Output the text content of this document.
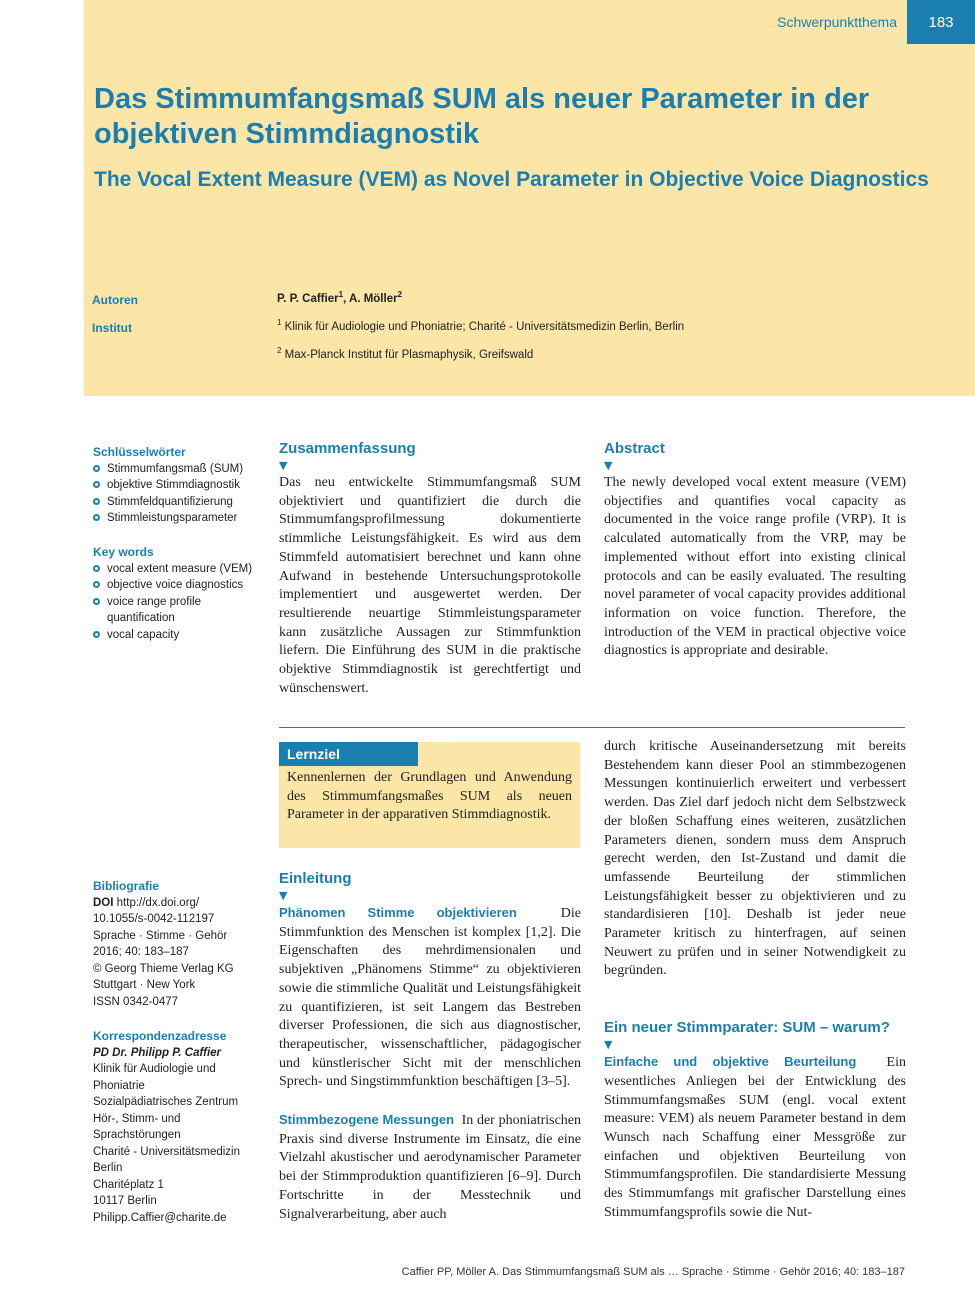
Schwerpunktthema	183
Das Stimmumfangsmaß SUM als neuer Parameter in der objektiven Stimmdiagnostik
The Vocal Extent Measure (VEM) as Novel Parameter in Objective Voice Diagnostics
Autoren	P. P. Caffier$^1$, A. Möller$^2$
Institut	$^1$ Klinik für Audiologie und Phoniatrie; Charité - Universitätsmedizin Berlin, Berlin
$^2$ Max-Planck Institut für Plasmaphysik, Greifswald
Schlüsselwörter
Stimmumfangsmaß (SUM)
objektive Stimmdiagnostik
Stimmfeldquantifizierung
Stimmleistungsparameter
Key words
vocal extent measure (VEM)
objective voice diagnostics
voice range profile quantification
vocal capacity
Bibliografie

DOI http://dx.doi.org/ 10.1055/s-0042-112197

Sprache · Stimme · Gehör

2016; 40: 183–187

© Georg Thieme Verlag KG

Stuttgart · New York

ISSN 0342-0477

Korrespondenzadresse

PD Dr. Philipp P. Caffier

Klinik für Audiologie und Phoniatrie

Sozialpädiatrisches Zentrum Hör-, Stimm- und Sprachstörungen

Charité - Universitätsmedizin Berlin

Charitéplatz 1

10117 Berlin

Philipp.Caffier@charite.de

Zusammenfassung
▼

Das neu entwickelte Stimmumfangsmaß SUM objektiviert und quantifiziert die durch die Stimmumfangsprofilmessung dokumentierte stimmliche Leistungsfähigkeit. Es wird aus dem Stimmfeld automatisiert berechnet und kann ohne Aufwand in bestehende Untersuchungsprotokolle implementiert und ausgewertet werden. Der resultierende neuartige Stimmleistungsparameter kann zusätzliche Aussagen zur Stimmfunktion liefern. Die Einführung des SUM in die praktische objektive Stimmdiagnostik ist gerechtfertigt und wünschenswert.

Abstract
▼

The newly developed vocal extent measure (VEM) objectifies and quantifies vocal capacity as documented in the voice range profile (VRP). It is calculated automatically from the VRP, may be implemented without effort into existing clinical protocols and can be easily evaluated. The resulting novel parameter of vocal capacity provides additional information on voice function. Therefore, the introduction of the VEM in practical objective voice diagnostics is appropriate and desirable.

Lernziel

Kennenlernen der Grundlagen und Anwendung des Stimmumfangsmaßes SUM als neuen Parameter in der apparativen Stimmdiagnostik.

Einleitung
▼

Phänomen Stimme objektivieren	Die Stimmfunktion des Menschen ist komplex [1,2]. Die Eigenschaften des mehrdimensionalen und subjektiven „Phänomens Stimme“ zu objektivieren sowie die stimmliche Qualität und Leistungsfähigkeit zu quantifizieren, ist seit Langem das Bestreben diverser Professionen, die sich aus diagnostischer, therapeutischer, wissenschaftlicher, pädagogischer und künstlerischer Sicht mit der menschlichen Sprech- und Singstimmfunktion beschäftigen [3–5].

Stimmbezogene Messungen In der phoniatrischen Praxis sind diverse Instrumente im Einsatz, die eine Vielzahl akustischer und aerodynamischer Parameter bei der Stimmproduktion quantifizieren [6–9]. Durch Fortschritte in der Messtechnik und Signalverarbeitung, aber auch

durch kritische Auseinandersetzung mit bereits Bestehendem kann dieser Pool an stimmbezogenen Messungen kontinuierlich erweitert und verbessert werden. Das Ziel darf jedoch nicht dem Selbstzweck der bloßen Schaffung eines weiteren, zusätzlichen Parameters dienen, sondern muss dem Anspruch gerecht werden, den Ist-Zustand und damit die umfassende Beurteilung der stimmlichen Leistungsfähigkeit besser zu objektivieren und zu standardisieren [10]. Deshalb ist jeder neue Parameter kritisch zu hinterfragen, auf seinen Neuwert zu prüfen und in seiner Notwendigkeit zu begründen.

Ein neuer Stimmparater: SUM – warum?
▼

Einfache und objektive Beurteilung Ein wesentliches Anliegen bei der Entwicklung des Stimmumfangsmaßes SUM (engl. vocal extent measure: VEM) als neuem Parameter bestand in dem Wunsch nach Schaffung einer Messgröße zur einfachen und objektiven Beurteilung von Stimmumfangsprofilen. Die standardisierte Messung des Stimmumfangs mit grafischer Darstellung eines Stimmumfangsprofils sowie die Nut-

Caffier PP, Möller A. Das Stimmumfangsmaß SUM als … Sprache · Stimme · Gehör 2016; 40: 183–187
